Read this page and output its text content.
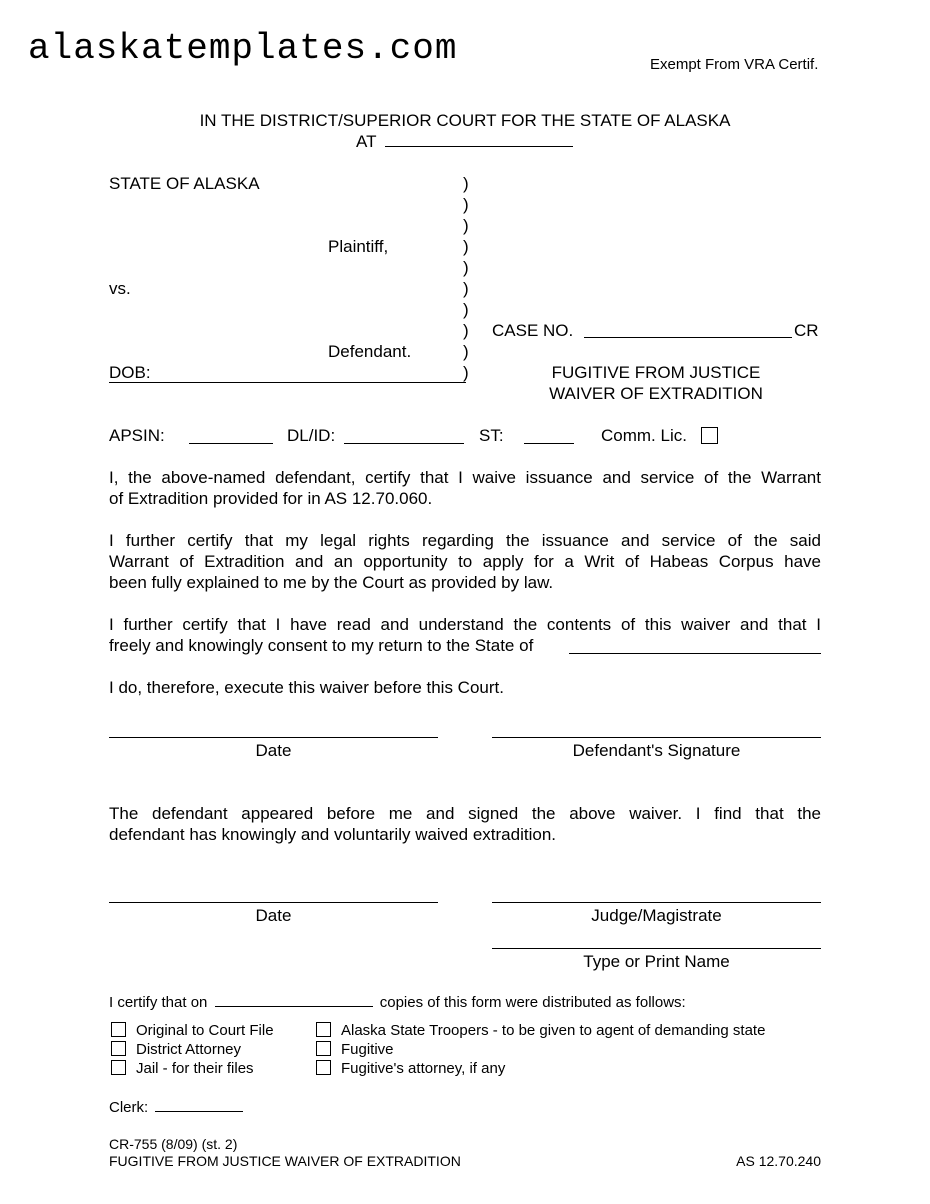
alaskatemplates.com	Exempt From VRA Certif.
IN THE DISTRICT/SUPERIOR COURT FOR THE STATE OF ALASKA
AT
STATE OF ALASKA
Plaintiff,
vs.
Defendant.
DOB:
)
)
)
)
)
)
)
)
)
)
CASE NO.	CR
FUGITIVE FROM JUSTICE
WAIVER OF EXTRADITION
APSIN:	DL/ID:	ST:	Comm. Lic.
I, the above-named defendant, certify that I waive issuance and service of the Warrant
of Extradition provided for in AS 12.70.060.
I further certify that my legal rights regarding the issuance and service of the said
Warrant of Extradition and an opportunity to apply for a Writ of Habeas Corpus have
been fully explained to me by the Court as provided by law.
I further certify that I have read and understand the contents of this waiver and that I
freely and knowingly consent to my return to the State of
I do, therefore, execute this waiver before this Court.
Date	Defendant's Signature
The defendant appeared before me and signed the above waiver. I find that the
defendant has knowingly and voluntarily waived extradition.
Date	Judge/Magistrate
Type or Print Name
I certify that on	copies of this form were distributed as follows:
Original to Court File
District Attorney
Jail - for their files
Alaska State Troopers - to be given to agent of demanding state
Fugitive
Fugitive's attorney, if any
Clerk:
CR-755 (8/09) (st. 2)
FUGITIVE FROM JUSTICE WAIVER OF EXTRADITION	AS 12.70.240
